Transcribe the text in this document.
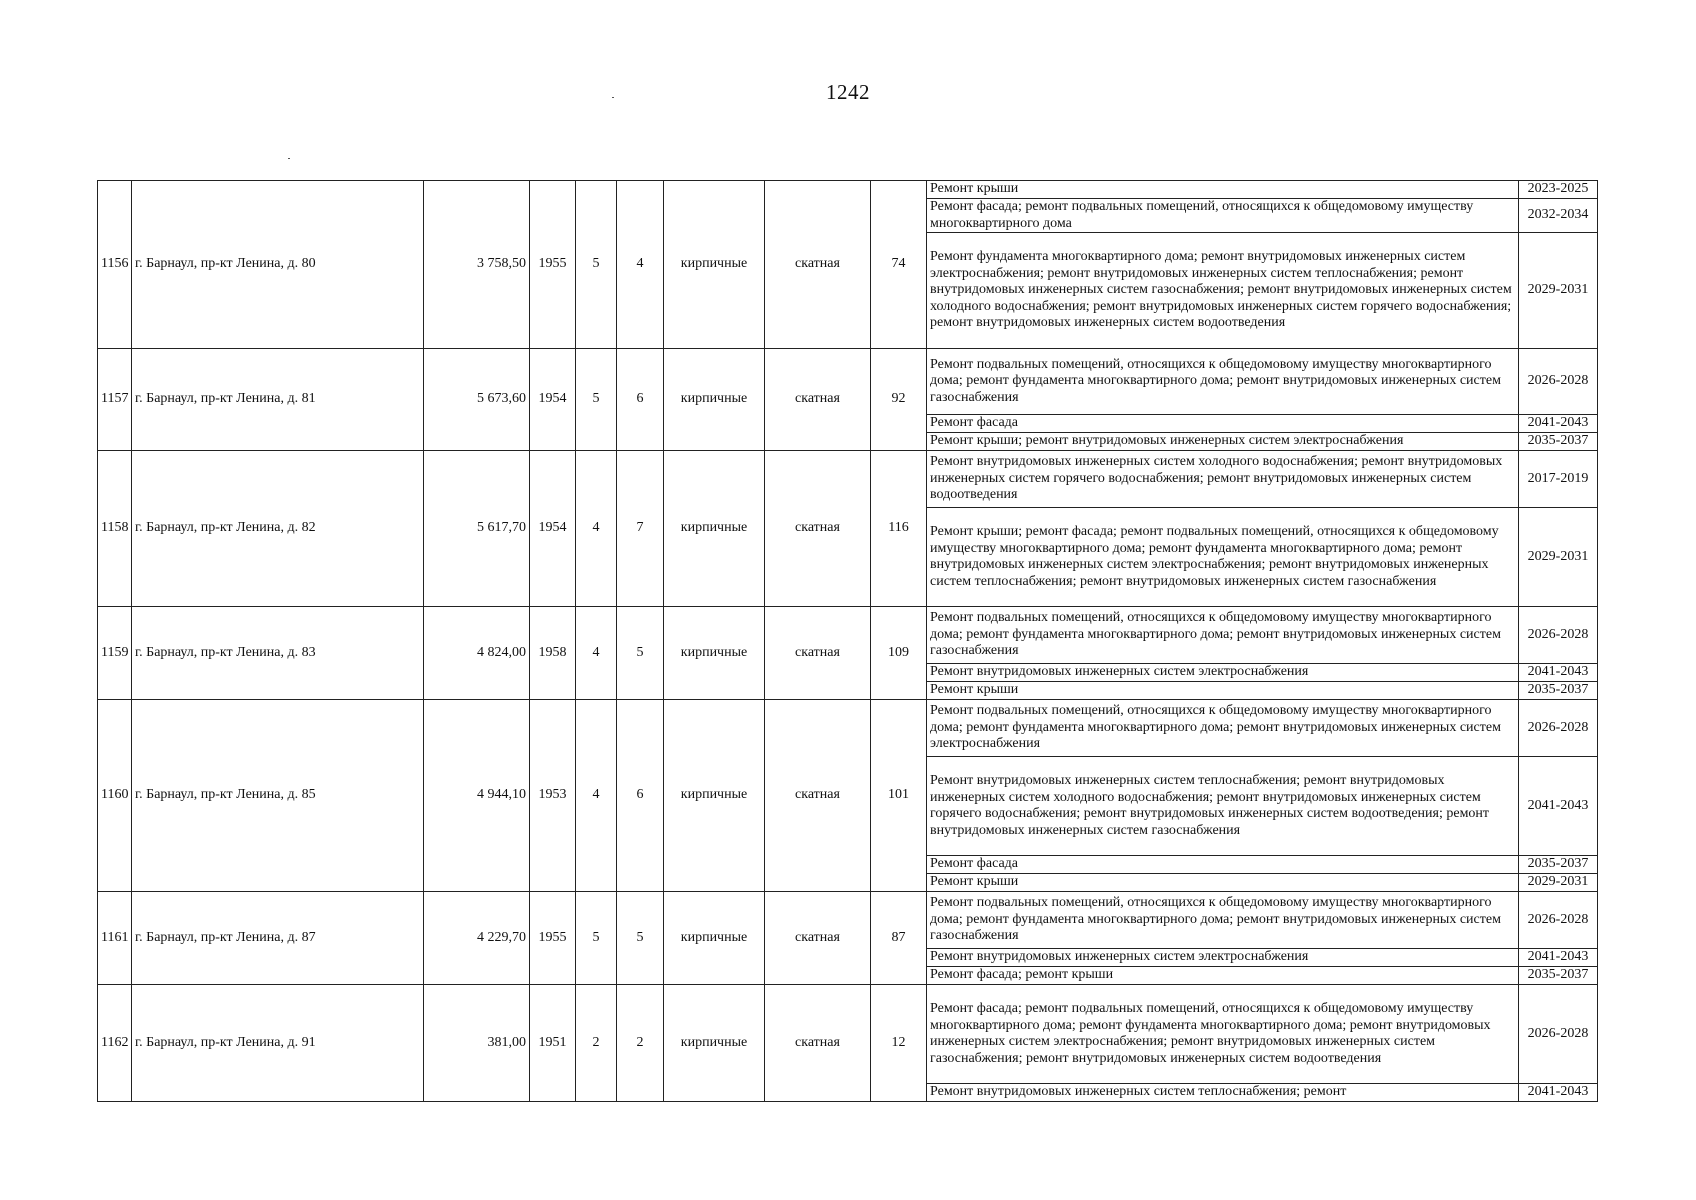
1242
1156	г. Барнаул, пр-кт Ленина, д. 80	3 758,50	1955	5	4	кирпичные	скатная	74	Ремонт крыши	2023-2025
									Ремонт фасада; ремонт подвальных помещений, относящихся к общедомовому имуществу многоквартирного дома	2032-2034
									Ремонт фундамента многоквартирного дома; ремонт внутридомовых инженерных систем электроснабжения; ремонт внутридомовых инженерных систем теплоснабжения; ремонт внутридомовых инженерных систем газоснабжения; ремонт внутридомовых инженерных систем холодного водоснабжения; ремонт внутридомовых инженерных систем горячего водоснабжения; ремонт внутридомовых инженерных систем водоотведения	2029-2031
1157	г. Барнаул, пр-кт Ленина, д. 81	5 673,60	1954	5	6	кирпичные	скатная	92	Ремонт подвальных помещений, относящихся к общедомовому имуществу многоквартирного дома; ремонт фундамента многоквартирного дома; ремонт внутридомовых инженерных систем газоснабжения	2026-2028
									Ремонт фасада	2041-2043
									Ремонт крыши; ремонт внутридомовых инженерных систем электроснабжения	2035-2037
1158	г. Барнаул, пр-кт Ленина, д. 82	5 617,70	1954	4	7	кирпичные	скатная	116	Ремонт внутридомовых инженерных систем холодного водоснабжения; ремонт внутридомовых инженерных систем горячего водоснабжения; ремонт внутридомовых инженерных систем водоотведения	2017-2019
									Ремонт крыши; ремонт фасада; ремонт подвальных помещений, относящихся к общедомовому имуществу многоквартирного дома; ремонт фундамента многоквартирного дома; ремонт внутридомовых инженерных систем электроснабжения; ремонт внутридомовых инженерных систем теплоснабжения; ремонт внутридомовых инженерных систем газоснабжения	2029-2031
1159	г. Барнаул, пр-кт Ленина, д. 83	4 824,00	1958	4	5	кирпичные	скатная	109	Ремонт подвальных помещений, относящихся к общедомовому имуществу многоквартирного дома; ремонт фундамента многоквартирного дома; ремонт внутридомовых инженерных систем газоснабжения	2026-2028
									Ремонт внутридомовых инженерных систем электроснабжения	2041-2043
									Ремонт крыши	2035-2037
1160	г. Барнаул, пр-кт Ленина, д. 85	4 944,10	1953	4	6	кирпичные	скатная	101	Ремонт подвальных помещений, относящихся к общедомовому имуществу многоквартирного дома; ремонт фундамента многоквартирного дома; ремонт внутридомовых инженерных систем электроснабжения	2026-2028
									Ремонт внутридомовых инженерных систем теплоснабжения; ремонт внутридомовых инженерных систем холодного водоснабжения; ремонт внутридомовых инженерных систем горячего водоснабжения; ремонт внутридомовых инженерных систем водоотведения; ремонт внутридомовых инженерных систем газоснабжения	2041-2043
									Ремонт фасада	2035-2037
									Ремонт крыши	2029-2031
1161	г. Барнаул, пр-кт Ленина, д. 87	4 229,70	1955	5	5	кирпичные	скатная	87	Ремонт подвальных помещений, относящихся к общедомовому имуществу многоквартирного дома; ремонт фундамента многоквартирного дома; ремонт внутридомовых инженерных систем газоснабжения	2026-2028
									Ремонт внутридомовых инженерных систем электроснабжения	2041-2043
									Ремонт фасада; ремонт крыши	2035-2037
1162	г. Барнаул, пр-кт Ленина, д. 91	381,00	1951	2	2	кирпичные	скатная	12	Ремонт фасада; ремонт подвальных помещений, относящихся к общедомовому имуществу многоквартирного дома; ремонт фундамента многоквартирного дома; ремонт внутридомовых инженерных систем электроснабжения; ремонт внутридомовых инженерных систем газоснабжения; ремонт внутридомовых инженерных систем водоотведения	2026-2028
									Ремонт внутридомовых инженерных систем теплоснабжения; ремонт	2041-2043
